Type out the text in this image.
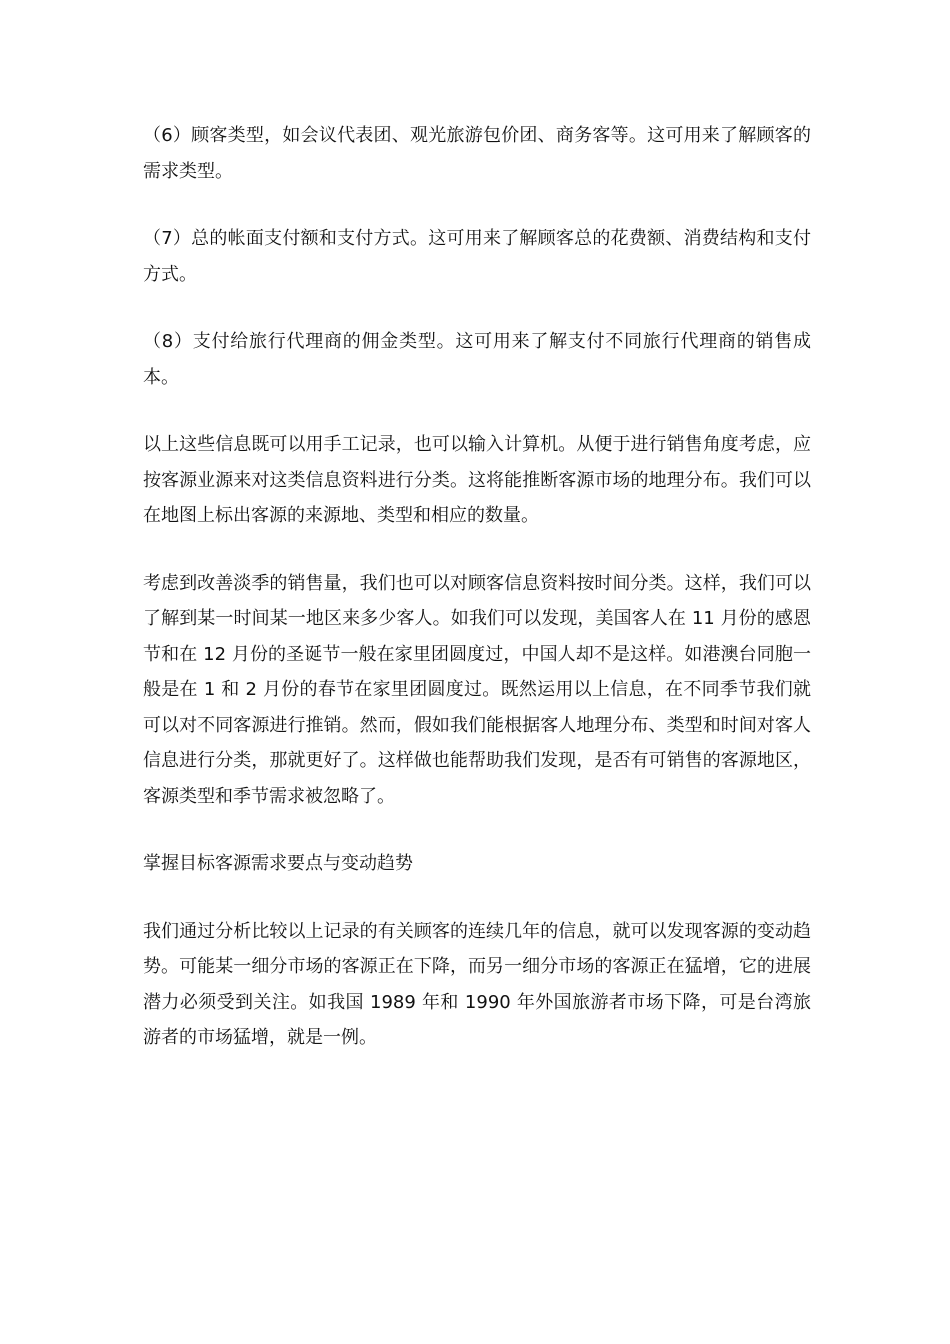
（6）顾客类型，如会议代表团、观光旅游包价团、商务客等。这可用来了解顾客的需求类型。

（7）总的帐面支付额和支付方式。这可用来了解顾客总的花费额、消费结构和支付方式。

（8）支付给旅行代理商的佣金类型。这可用来了解支付不同旅行代理商的销售成本。

以上这些信息既可以用手工记录，也可以输入计算机。从便于进行销售角度考虑，应按客源业源来对这类信息资料进行分类。这将能推断客源市场的地理分布。我们可以在地图上标出客源的来源地、类型和相应的数量。

考虑到改善淡季的销售量，我们也可以对顾客信息资料按时间分类。这样，我们可以了解到某一时间某一地区来多少客人。如我们可以发现，美国客人在 11 月份的感恩节和在 12 月份的圣诞节一般在家里团圆度过，中国人却不是这样。如港澳台同胞一般是在 1 和 2 月份的春节在家里团圆度过。既然运用以上信息，在不同季节我们就可以对不同客源进行推销。然而，假如我们能根据客人地理分布、类型和时间对客人信息进行分类，那就更好了。这样做也能帮助我们发现，是否有可销售的客源地区，客源类型和季节需求被忽略了。

掌握目标客源需求要点与变动趋势

我们通过分析比较以上记录的有关顾客的连续几年的信息，就可以发现客源的变动趋势。可能某一细分市场的客源正在下降，而另一细分市场的客源正在猛增，它的进展潜力必须受到关注。如我国 1989 年和 1990 年外国旅游者市场下降，可是台湾旅游者的市场猛增，就是一例。
